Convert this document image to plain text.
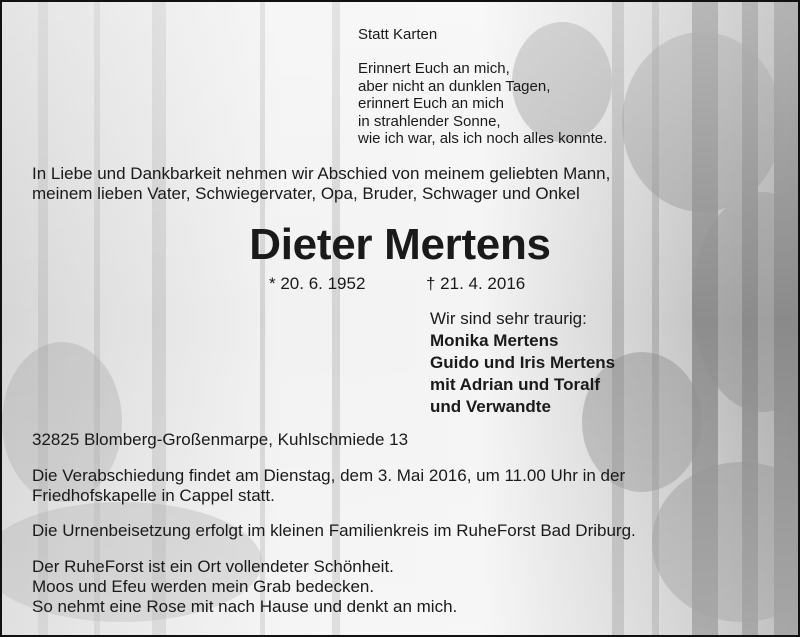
Statt Karten
Erinnert Euch an mich,
aber nicht an dunklen Tagen,
erinnert Euch an mich
in strahlender Sonne,
wie ich war, als ich noch alles konnte.
In Liebe und Dankbarkeit nehmen wir Abschied von meinem geliebten Mann,
meinem lieben Vater, Schwiegervater, Opa, Bruder, Schwager und Onkel
Dieter Mertens
* 20. 6. 1952	† 21. 4. 2016
Wir sind sehr traurig:
Monika Mertens
Guido und Iris Mertens
mit Adrian und Toralf
und Verwandte
32825 Blomberg-Großenmarpe, Kuhlschmiede 13
Die Verabschiedung findet am Dienstag, dem 3. Mai 2016, um 11.00 Uhr in der
Friedhofskapelle in Cappel statt.
Die Urnenbeisetzung erfolgt im kleinen Familienkreis im RuheForst Bad Driburg.
Der RuheForst ist ein Ort vollendeter Schönheit.
Moos und Efeu werden mein Grab bedecken.
So nehmt eine Rose mit nach Hause und denkt an mich.
